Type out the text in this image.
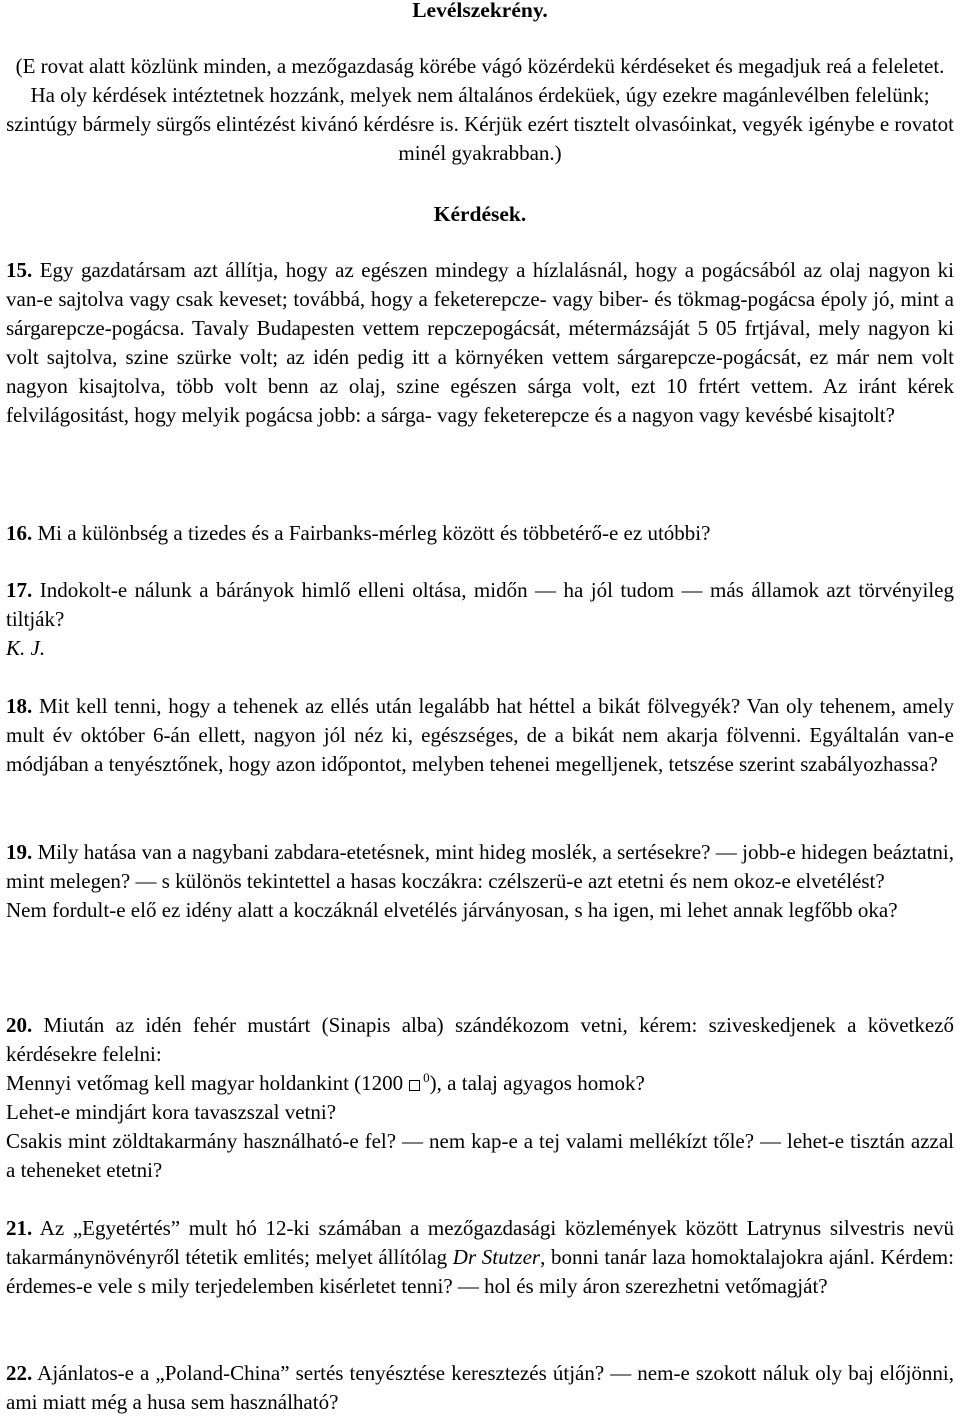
Levélszekrény.

(E rovat alatt közlünk minden, a mezőgazdaság körébe vágó közérdekü kérdéseket és megadjuk reá a feleletet. Ha oly kérdések intéztetnek hozzánk, melyek nem általános érdeküek, úgy ezekre magánlevélben felelünk; szintúgy bármely sürgős elintézést kivánó kérdésre is. Kérjük ezért tisztelt olvasóinkat, vegyék igénybe e rovatot minél gyakrabban.)

Kérdések.

15. Egy gazdatársam azt állítja, hogy az egészen mindegy a hízlalásnál, hogy a pogácsából az olaj nagyon ki van-e sajtolva vagy csak keveset; továbbá, hogy a feketerepcze- vagy biber- és tökmag-pogácsa époly jó, mint a sárgarepcze-pogácsa. Tavaly Budapesten vettem repczepogácsát, métermázsáját 5 05 frtjával, mely nagyon ki volt sajtolva, szine szürke volt; az idén pedig itt a környéken vettem sárgarepcze-pogácsát, ez már nem volt nagyon kisajtolva, több volt benn az olaj, szine egészen sárga volt, ezt 10 frtért vettem. Az iránt kérek felvilágositást, hogy melyik pogácsa jobb: a sárga- vagy feketerepcze és a nagyon vagy kevésbé kisajtolt?

16. Mi a különbség a tizedes és a Fairbanks-mérleg között és többetérő-e ez utóbbi?

17. Indokolt-e nálunk a bárányok himlő elleni oltása, midőn — ha jól tudom — más államok azt törvényileg tiltják?

K. J.

18. Mit kell tenni, hogy a tehenek az ellés után legalább hat héttel a bikát fölvegyék? Van oly tehenem, amely mult év október 6-án ellett, nagyon jól néz ki, egészséges, de a bikát nem akarja fölvenni. Egyáltalán van-e módjában a tenyésztőnek, hogy azon időpontot, melyben tehenei megelljenek, tetszése szerint szabályozhassa?

19. Mily hatása van a nagybani zabdara-etetésnek, mint hideg moslék, a sertésekre? — jobb-e hidegen beáztatni, mint melegen? — s különös tekintettel a hasas koczákra: czélszerü-e azt etetni és nem okoz-e elvetélést?

Nem fordult-e elő ez idény alatt a koczáknál elvetélés járványosan, s ha igen, mi lehet annak legfőbb oka?

20. Miután az idén fehér mustárt (Sinapis alba) szándékozom vetni, kérem: sziveskedjenek a következő kérdésekre felelni:

Mennyi vetőmag kell magyar holdankint (1200 $^0$), a talaj agyagos homok?

Lehet-e mindjárt kora tavaszszal vetni?

Csakis mint zöldtakarmány használható-e fel? — nem kap-e a tej valami mellékízt tőle? — lehet-e tisztán azzal a teheneket etetni?

21. Az „Egyetértés” mult hó 12-ki számában a mezőgazdasági közlemények között Latrynus silvestris nevü takarmánynövényről tétetik emlités; melyet állítólag Dr Stutzer, bonni tanár laza homoktalajokra ajánl. Kérdem: érdemes-e vele s mily terjedelemben kisérletet tenni? — hol és mily áron szerezhetni vetőmagját?

22. Ajánlatos-e a „Poland-China” sertés tenyésztése keresztezés útján? — nem-e szokott náluk oly baj előjönni, ami miatt még a husa sem használható?
